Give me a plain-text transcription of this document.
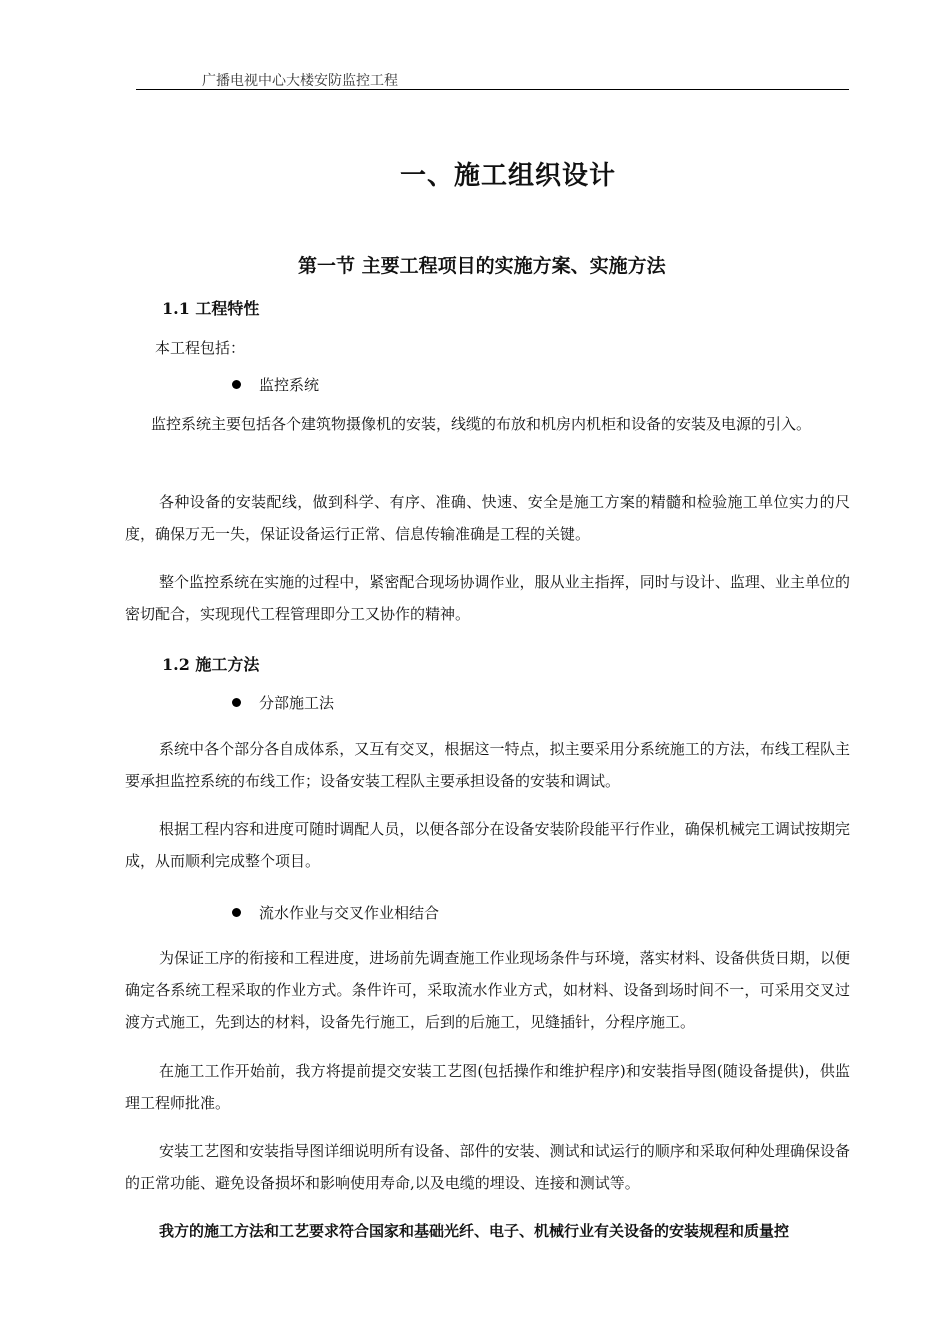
广播电视中心大楼安防监控工程
一、施工组织设计
第一节 主要工程项目的实施方案、实施方法
1.1 工程特性
本工程包括：
监控系统
监控系统主要包括各个建筑物摄像机的安装，线缆的布放和机房内机柜和设备的安装及电源的引入。
各种设备的安装配线，做到科学、有序、准确、快速、安全是施工方案的精髓和检验施工单位实力的尺度，确保万无一失，保证设备运行正常、信息传输准确是工程的关键。
整个监控系统在实施的过程中，紧密配合现场协调作业，服从业主指挥，同时与设计、监理、业主单位的密切配合，实现现代工程管理即分工又协作的精神。
1.2 施工方法
分部施工法
系统中各个部分各自成体系，又互有交叉，根据这一特点，拟主要采用分系统施工的方法，布线工程队主要承担监控系统的布线工作；设备安装工程队主要承担设备的安装和调试。
根据工程内容和进度可随时调配人员，以便各部分在设备安装阶段能平行作业，确保机械完工调试按期完成，从而顺利完成整个项目。
流水作业与交叉作业相结合
为保证工序的衔接和工程进度，进场前先调查施工作业现场条件与环境，落实材料、设备供货日期，以便确定各系统工程采取的作业方式。条件许可，采取流水作业方式，如材料、设备到场时间不一，可采用交叉过渡方式施工，先到达的材料，设备先行施工，后到的后施工，见缝插针，分程序施工。
在施工工作开始前，我方将提前提交安装工艺图(包括操作和维护程序)和安装指导图(随设备提供)，供监理工程师批准。
安装工艺图和安装指导图详细说明所有设备、部件的安装、测试和试运行的顺序和采取何种处理确保设备的正常功能、避免设备损坏和影响使用寿命,以及电缆的埋设、连接和测试等。
我方的施工方法和工艺要求符合国家和基础光纤、电子、机械行业有关设备的安装规程和质量控
